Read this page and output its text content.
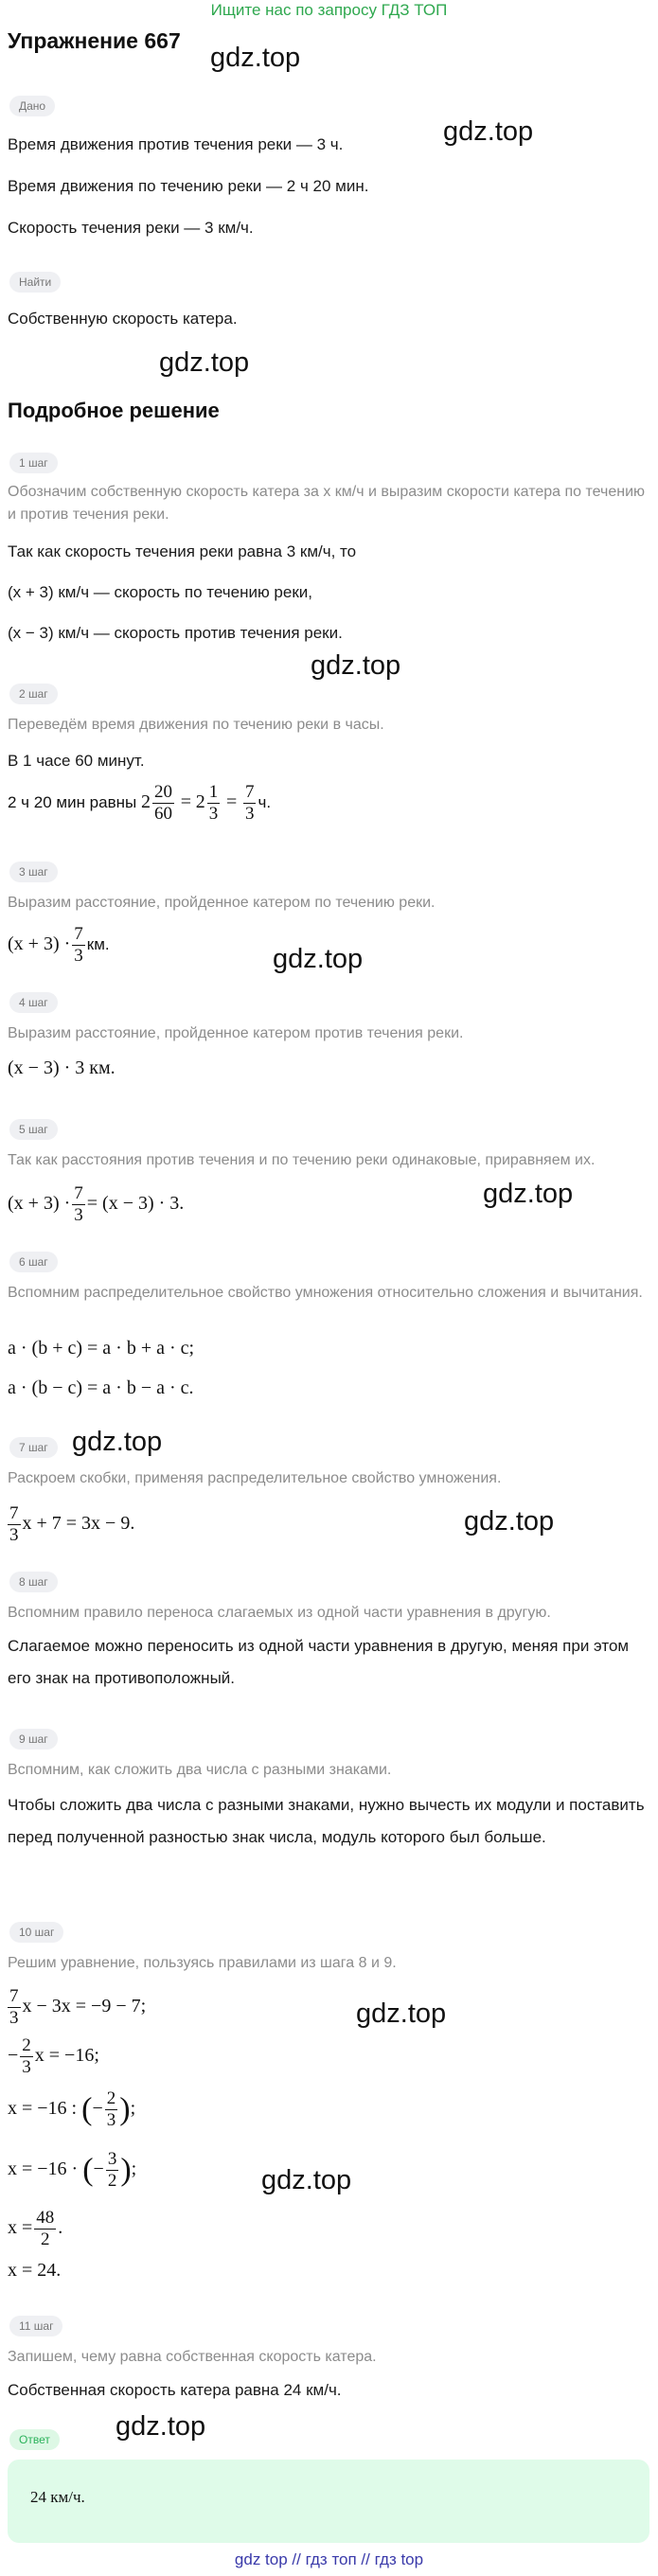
Ищите нас по запросу ГДЗ ТОП
Упражнение 667
gdz.top
gdz.top
gdz.top
gdz.top
gdz.top
gdz.top
gdz.top
gdz.top
gdz.top
gdz.top
gdz.top
Дано
Время движения против течения реки — 3 ч.
Время движения по течению реки — 2 ч 20 мин.
Скорость течения реки — 3 км/ч.
Найти
Собственную скорость катера.
Подробное решение
1 шаг
Обозначим собственную скорость катера за x км/ч и выразим скорости катера по течению и против течения реки.
Так как скорость течения реки равна 3 км/ч, то
(x + 3) км/ч — скорость по течению реки,
(x − 3) км/ч — скорость против течения реки.
2 шаг
Переведём время движения по течению реки в часы.
В 1 часе 60 минут.
2 ч 20 мин равны $2 \frac{20}{60} = 2 \frac{1}{3} = \frac{7}{3} ч$.
3 шаг
Выразим расстояние, пройденное катером по течению реки.
$(x + 3) \cdot \frac{7}{3}$ км.
4 шаг
Выразим расстояние, пройденное катером против течения реки.
(x − 3) · 3 км.
5 шаг
Так как расстояния против течения и по течению реки одинаковые, приравняем их.
$(x + 3) \cdot \frac{7}{3} = (x - 3) \cdot 3$.
6 шаг
Вспомним распределительное свойство умножения относительно сложения и вычитания.
a · (b + c) = a · b + a · c;
a · (b − c) = a · b − a · c.
7 шаг
Раскроем скобки, применяя распределительное свойство умножения.
$\frac{7}{3}$ x + 7 = 3x − 9.
8 шаг
Вспомним правило переноса слагаемых из одной части уравнения в другую.
Слагаемое можно переносить из одной части уравнения в другую, меняя при этом его знак на противоположный.
9 шаг
Вспомним, как сложить два числа с разными знаками.
Чтобы сложить два числа с разными знаками, нужно вычесть их модули и поставить перед полученной разностью знак числа, модуль которого был больше.
10 шаг
Решим уравнение, пользуясь правилами из шага 8 и 9.
$\frac{7}{3}$ x − 3x = −9 − 7;
− $\frac{2}{3}$ x = −16;
x = −16 : (− $\frac{2}{3}$ );
x = −16 · (− $\frac{3}{2}$ );
$x = \frac{48}{2}$ .
x = 24.
11 шаг
Запишем, чему равна собственная скорость катера.
Собственная скорость катера равна 24 км/ч.
Ответ
24 км/ч.
gdz top // гдз топ // гдз top
